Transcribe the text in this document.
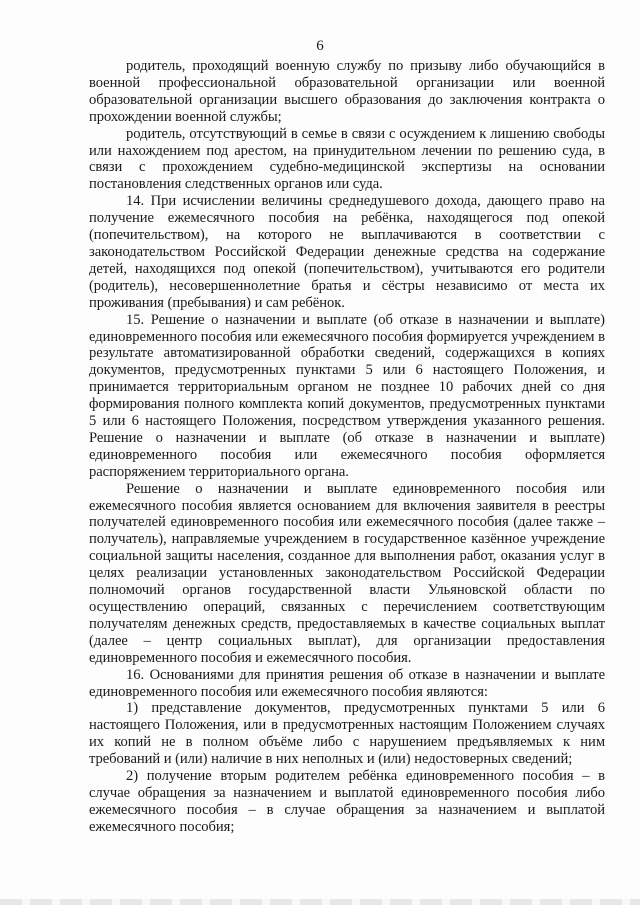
6

родитель, проходящий военную службу по призыву либо обучающийся в военной профессиональной образовательной организации или военной образовательной организации высшего образования до заключения контракта о прохождении военной службы;

родитель, отсутствующий в семье в связи с осуждением к лишению свободы или нахождением под арестом, на принудительном лечении по решению суда, в связи с прохождением судебно-медицинской экспертизы на основании постановления следственных органов или суда.

14. При исчислении величины среднедушевого дохода, дающего право на получение ежемесячного пособия на ребёнка, находящегося под опекой (попечительством), на которого не выплачиваются в соответствии с законодательством Российской Федерации денежные средства на содержание детей, находящихся под опекой (попечительством), учитываются его родители (родитель), несовершеннолетние братья и сёстры независимо от места их проживания (пребывания) и сам ребёнок.

15. Решение о назначении и выплате (об отказе в назначении и выплате) единовременного пособия или ежемесячного пособия формируется учреждением в результате автоматизированной обработки сведений, содержащихся в копиях документов, предусмотренных пунктами 5 или 6 настоящего Положения, и принимается территориальным органом не позднее 10 рабочих дней со дня формирования полного комплекта копий документов, предусмотренных пунктами 5 или 6 настоящего Положения, посредством утверждения указанного решения. Решение о назначении и выплате (об отказе в назначении и выплате) единовременного пособия или ежемесячного пособия оформляется распоряжением территориального органа.

Решение о назначении и выплате единовременного пособия или ежемесячного пособия является основанием для включения заявителя в реестры получателей единовременного пособия или ежемесячного пособия (далее также – получатель), направляемые учреждением в государственное казённое учреждение социальной защиты населения, созданное для выполнения работ, оказания услуг в целях реализации установленных законодательством Российской Федерации полномочий органов государственной власти Ульяновской области по осуществлению операций, связанных с перечислением соответствующим получателям денежных средств, предоставляемых в качестве социальных выплат (далее – центр социальных выплат), для организации предоставления единовременного пособия и ежемесячного пособия.

16. Основаниями для принятия решения об отказе в назначении и выплате единовременного пособия или ежемесячного пособия являются:

1) представление документов, предусмотренных пунктами 5 или 6 настоящего Положения, или в предусмотренных настоящим Положением случаях их копий не в полном объёме либо с нарушением предъявляемых к ним требований и (или) наличие в них неполных и (или) недостоверных сведений;

2) получение вторым родителем ребёнка единовременного пособия – в случае обращения за назначением и выплатой единовременного пособия либо ежемесячного пособия – в случае обращения за назначением и выплатой ежемесячного пособия;
